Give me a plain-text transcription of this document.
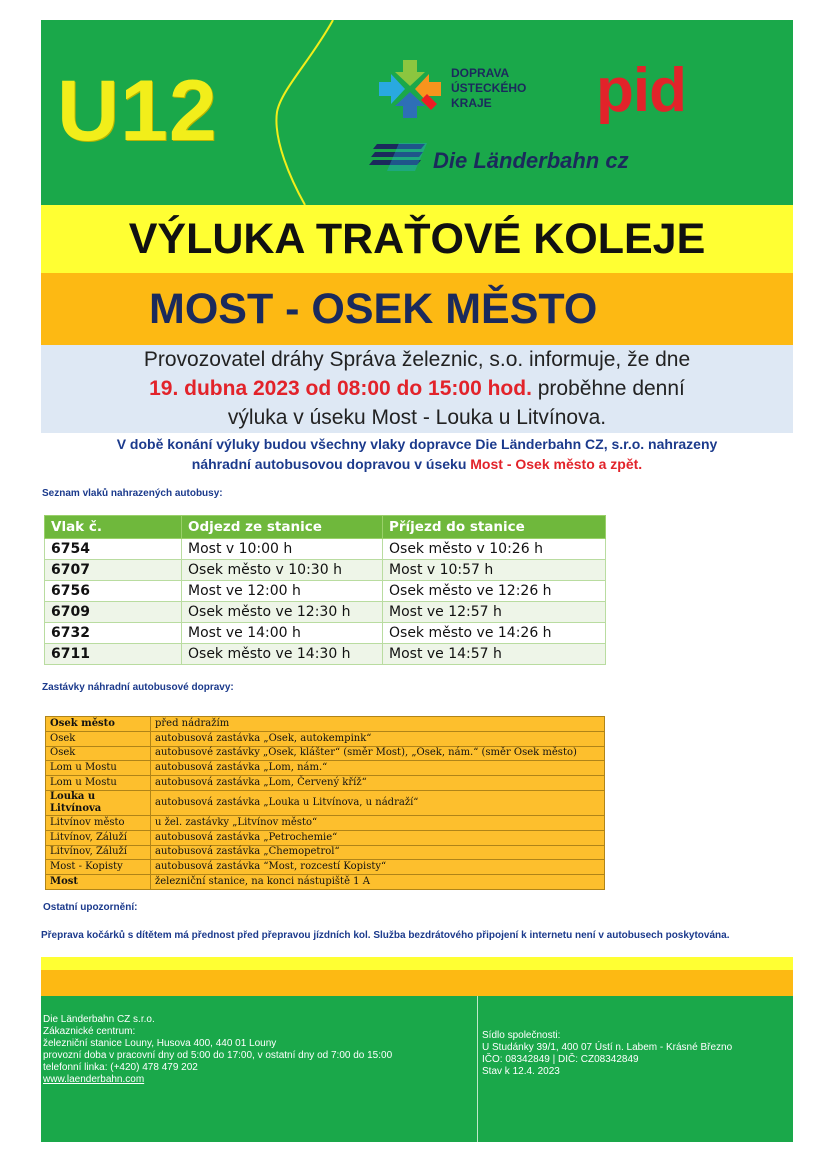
U12	DOPRAVA
ÚSTECKÉHO
KRAJE	pid
Die Länderbahn cz
VÝLUKA TRAŤOVÉ KOLEJE
MOST - OSEK MĚSTO
Provozovatel dráhy Správa železnic, s.o. informuje, že dne
19. dubna 2023 od 08:00 do 15:00 hod. proběhne denní
výluka v úseku Most - Louka u Litvínova.
V době konání výluky budou všechny vlaky dopravce Die Länderbahn CZ, s.r.o. nahrazeny
náhradní autobusovou dopravou v úseku Most - Osek město a zpět.
Seznam vlaků nahrazených autobusy:
Vlak č.	Odjezd ze stanice	Příjezd do stanice
6754	Most v 10:00 h	Osek město v 10:26 h
6707	Osek město v 10:30 h	Most v 10:57 h
6756	Most ve 12:00 h	Osek město ve 12:26 h
6709	Osek město ve 12:30 h	Most ve 12:57 h
6732	Most ve 14:00 h	Osek město ve 14:26 h
6711	Osek město ve 14:30 h	Most ve 14:57 h
Zastávky náhradní autobusové dopravy:
Osek město	před nádražím
Osek	autobusová zastávka „Osek, autokempink“
Osek	autobusové zastávky „Osek, klášter“ (směr Most), „Osek, nám.“ (směr Osek město)
Lom u Mostu	autobusová zastávka „Lom, nám.“
Lom u Mostu	autobusová zastávka „Lom, Červený kříž“
Louka u Litvínova	autobusová zastávka „Louka u Litvínova, u nádraží“
Litvínov město	u žel. zastávky „Litvínov město“
Litvínov, Záluží	autobusová zastávka „Petrochemie“
Litvínov, Záluží	autobusová zastávka „Chemopetrol“
Most - Kopisty	autobusová zastávka “Most, rozcestí Kopisty“
Most	železniční stanice, na konci nástupiště 1 A
Ostatní upozornění:
Přeprava kočárků s dítětem má přednost před přepravou jízdních kol. Služba bezdrátového připojení k internetu není v autobusech poskytována.
Die Länderbahn CZ s.r.o.
Zákaznické centrum:
železniční stanice Louny, Husova 400, 440 01 Louny
provozní doba v pracovní dny od 5:00 do 17:00, v ostatní dny od 7:00 do 15:00
telefonní linka: (+420) 478 479 202
www.laenderbahn.com
Sídlo společnosti:
U Studánky 39/1, 400 07 Ústí n. Labem - Krásné Březno
IČO: 08342849 | DIČ: CZ08342849
Stav k 12.4. 2023
